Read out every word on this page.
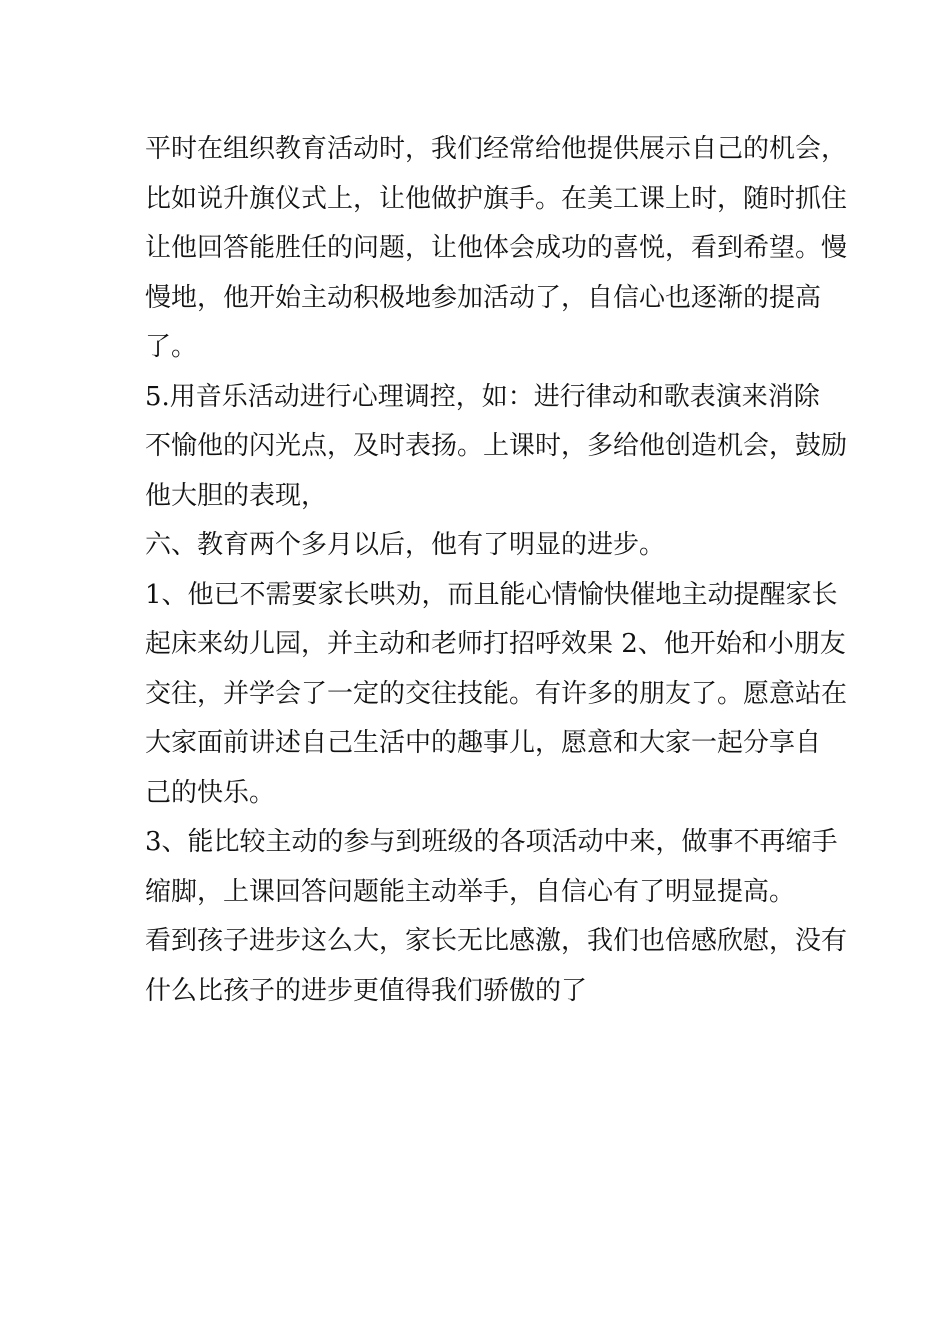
平时在组织教育活动时，我们经常给他提供展示自己的机会，
比如说升旗仪式上，让他做护旗手。在美工课上时，随时抓住
让他回答能胜任的问题，让他体会成功的喜悦，看到希望。慢
慢地，他开始主动积极地参加活动了，自信心也逐渐的提高
了。
5.用音乐活动进行心理调控，如：进行律动和歌表演来消除
不愉他的闪光点，及时表扬。上课时，多给他创造机会，鼓励
他大胆的表现，
六、教育两个多月以后，他有了明显的进步。
1、他已不需要家长哄劝，而且能心情愉快催地主动提醒家长
起床来幼儿园，并主动和老师打招呼效果 2、他开始和小朋友
交往，并学会了一定的交往技能。有许多的朋友了。愿意站在
大家面前讲述自己生活中的趣事儿，愿意和大家一起分享自
己的快乐。
3、能比较主动的参与到班级的各项活动中来，做事不再缩手
缩脚，上课回答问题能主动举手，自信心有了明显提高。
看到孩子进步这么大，家长无比感激，我们也倍感欣慰，没有
什么比孩子的进步更值得我们骄傲的了
